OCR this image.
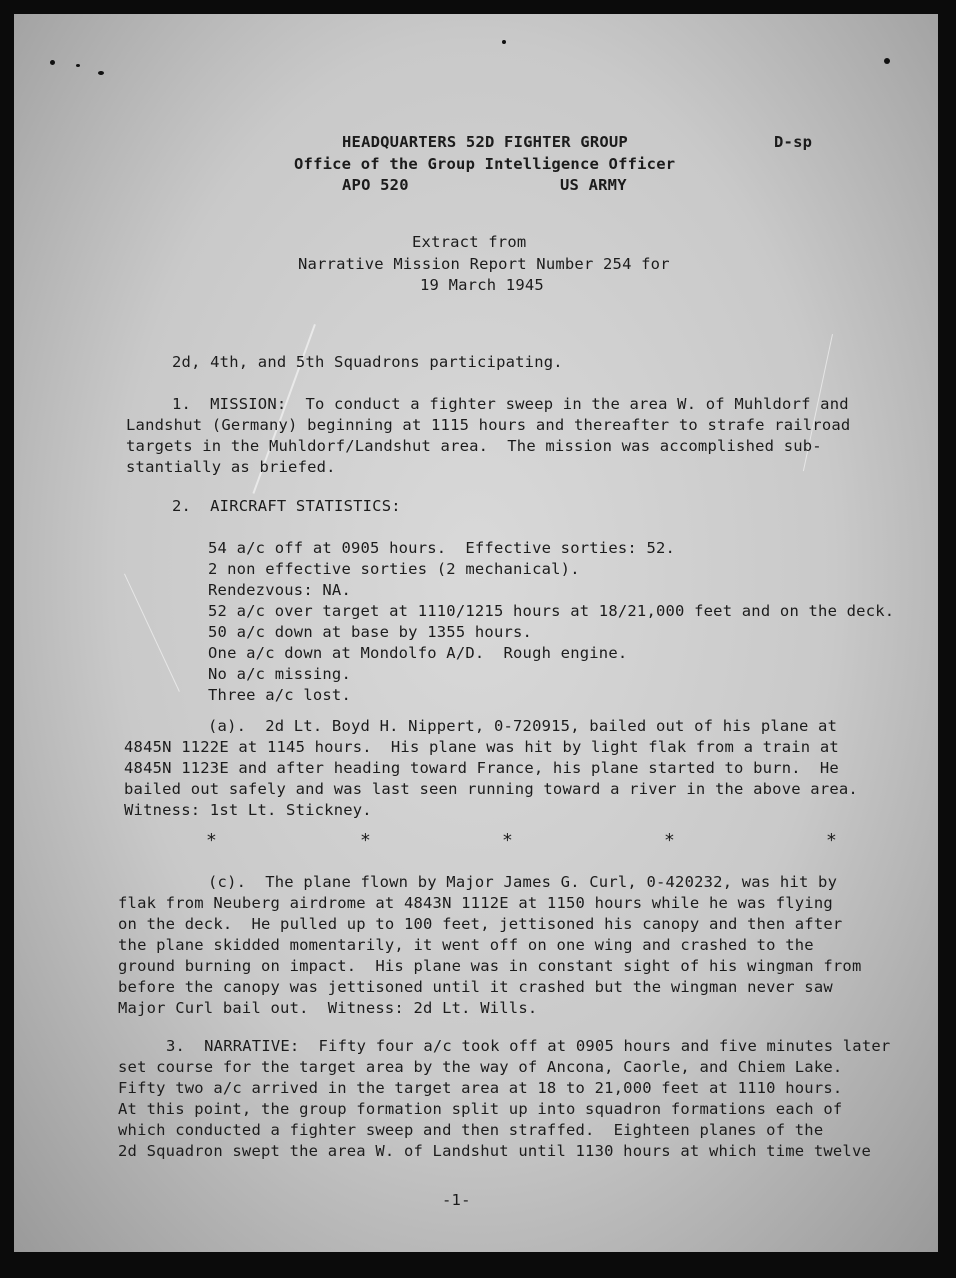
HEADQUARTERS 52D FIGHTER GROUP	D-sp
Office of the Group Intelligence Officer
APO 520	US ARMY
Extract from
Narrative Mission Report Number 254 for
19 March 1945
2d, 4th, and 5th Squadrons participating.
1.  MISSION:  To conduct a fighter sweep in the area W. of Muhldorf and
Landshut (Germany) beginning at 1115 hours and thereafter to strafe railroad
targets in the Muhldorf/Landshut area.  The mission was accomplished sub-
stantially as briefed.
2.  AIRCRAFT STATISTICS:
54 a/c off at 0905 hours.  Effective sorties: 52.
2 non effective sorties (2 mechanical).
Rendezvous: NA.
52 a/c over target at 1110/1215 hours at 18/21,000 feet and on the deck.
50 a/c down at base by 1355 hours.
One a/c down at Mondolfo A/D.  Rough engine.
No a/c missing.
Three a/c lost.
(a).  2d Lt. Boyd H. Nippert, 0-720915, bailed out of his plane at
4845N 1122E at 1145 hours.  His plane was hit by light flak from a train at
4845N 1123E and after heading toward France, his plane started to burn.  He
bailed out safely and was last seen running toward a river in the above area.
Witness: 1st Lt. Stickney.
*	*	*	*	*
(c).  The plane flown by Major James G. Curl, 0-420232, was hit by
flak from Neuberg airdrome at 4843N 1112E at 1150 hours while he was flying
on the deck.  He pulled up to 100 feet, jettisoned his canopy and then after
the plane skidded momentarily, it went off on one wing and crashed to the
ground burning on impact.  His plane was in constant sight of his wingman from
before the canopy was jettisoned until it crashed but the wingman never saw
Major Curl bail out.  Witness: 2d Lt. Wills.
3.  NARRATIVE:  Fifty four a/c took off at 0905 hours and five minutes later
set course for the target area by the way of Ancona, Caorle, and Chiem Lake.
Fifty two a/c arrived in the target area at 18 to 21,000 feet at 1110 hours.
At this point, the group formation split up into squadron formations each of
which conducted a fighter sweep and then straffed.  Eighteen planes of the
2d Squadron swept the area W. of Landshut until 1130 hours at which time twelve
-1-
